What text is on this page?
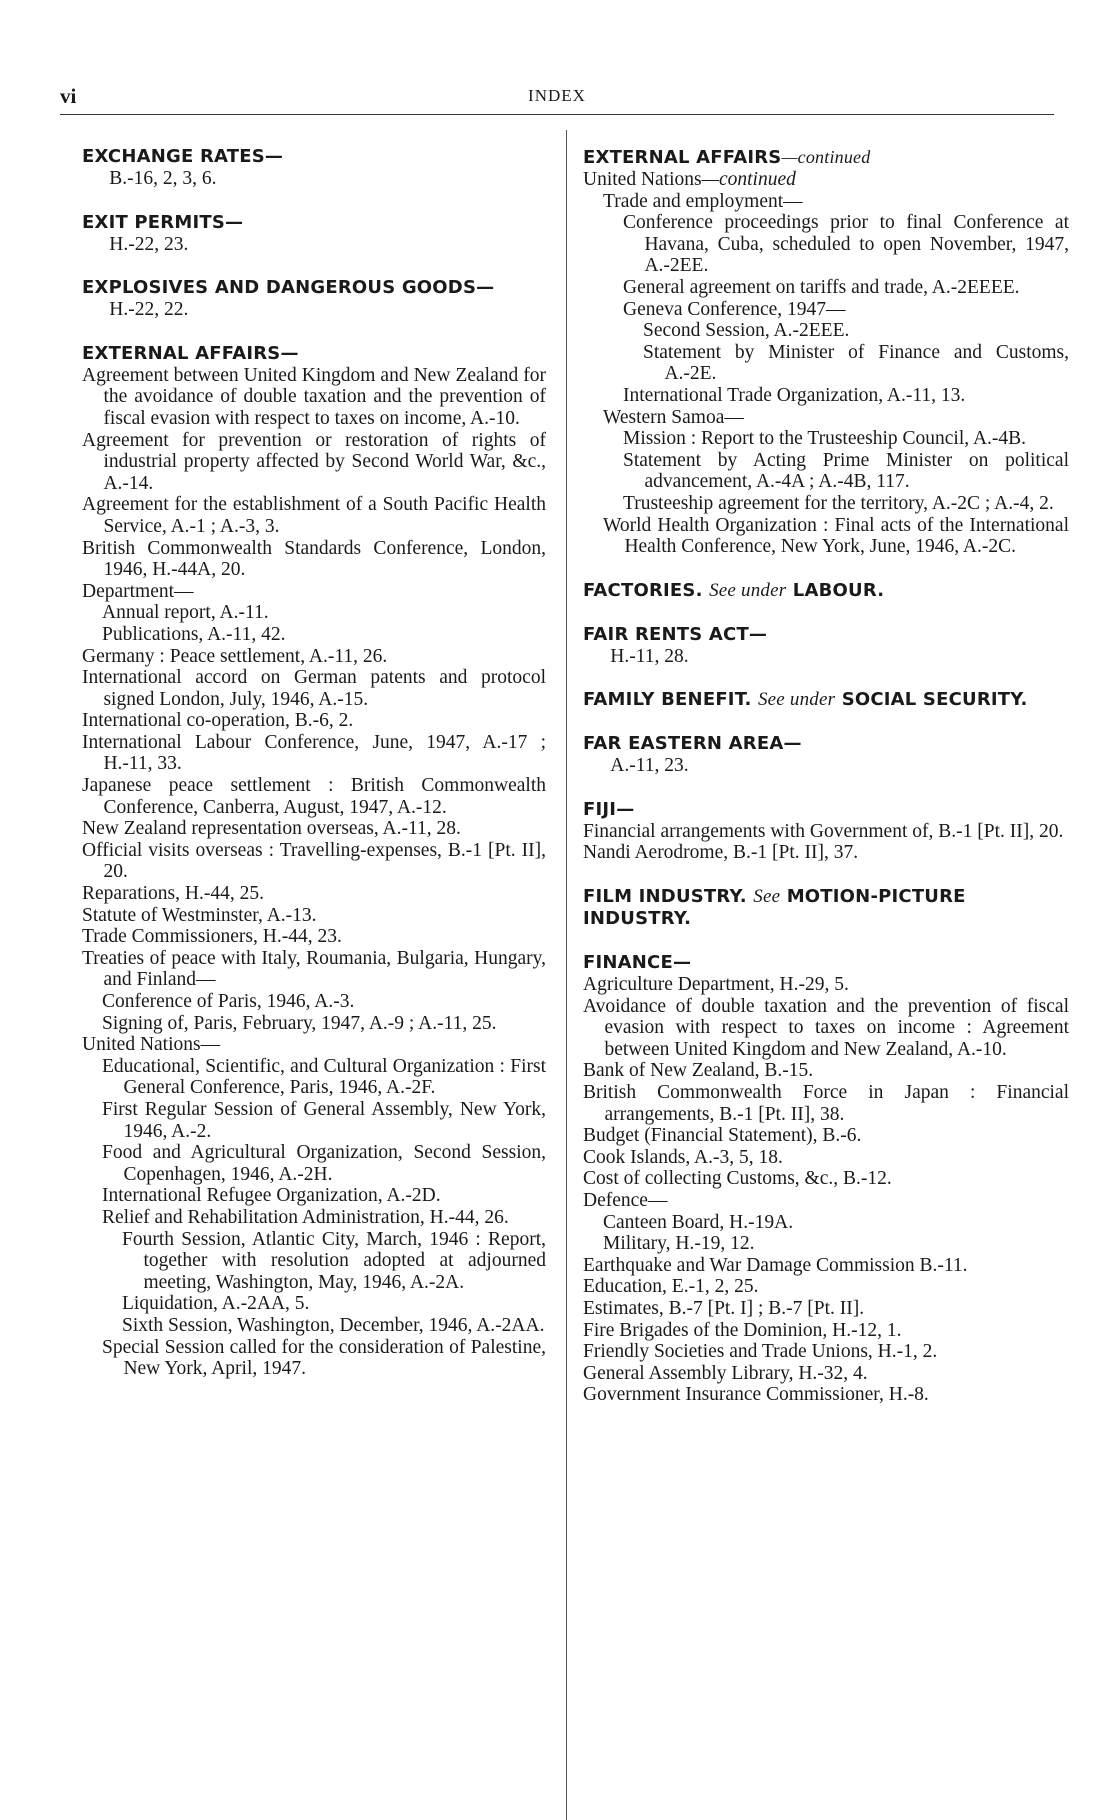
vi	INDEX
EXCHANGE RATES—
B.-16, 2, 3, 6.
EXIT PERMITS—
H.-22, 23.
EXPLOSIVES AND DANGEROUS GOODS—
H.-22, 22.
EXTERNAL AFFAIRS—
Agreement between United Kingdom and New Zealand for the avoidance of double taxation and the prevention of fiscal evasion with respect to taxes on income, A.-10.
Agreement for prevention or restoration of rights of industrial property affected by Second World War, &c., A.-14.
Agreement for the establishment of a South Pacific Health Service, A.-1 ; A.-3, 3.
British Commonwealth Standards Conference, London, 1946, H.-44A, 20.
Department—
Annual report, A.-11.
Publications, A.-11, 42.
Germany : Peace settlement, A.-11, 26.
International accord on German patents and protocol signed London, July, 1946, A.-15.
International co-operation, B.-6, 2.
International Labour Conference, June, 1947, A.-17 ; H.-11, 33.
Japanese peace settlement : British Commonwealth Conference, Canberra, August, 1947, A.-12.
New Zealand representation overseas, A.-11, 28.
Official visits overseas : Travelling-expenses, B.-1 [Pt. II], 20.
Reparations, H.-44, 25.
Statute of Westminster, A.-13.
Trade Commissioners, H.-44, 23.
Treaties of peace with Italy, Roumania, Bulgaria, Hungary, and Finland—
Conference of Paris, 1946, A.-3.
Signing of, Paris, February, 1947, A.-9 ; A.-11, 25.
United Nations—
Educational, Scientific, and Cultural Organization : First General Conference, Paris, 1946, A.-2F.
First Regular Session of General Assembly, New York, 1946, A.-2.
Food and Agricultural Organization, Second Session, Copenhagen, 1946, A.-2H.
International Refugee Organization, A.-2D.
Relief and Rehabilitation Administration, H.-44, 26.
Fourth Session, Atlantic City, March, 1946 : Report, together with resolution adopted at adjourned meeting, Washington, May, 1946, A.-2A.
Liquidation, A.-2AA, 5.
Sixth Session, Washington, December, 1946, A.-2AA.
Special Session called for the consideration of Palestine, New York, April, 1947.
EXTERNAL AFFAIRS—continued
United Nations—continued
Trade and employment—
Conference proceedings prior to final Conference at Havana, Cuba, scheduled to open November, 1947, A.-2EE.
General agreement on tariffs and trade, A.-2EEEE.
Geneva Conference, 1947—
Second Session, A.-2EEE.
Statement by Minister of Finance and Customs, A.-2E.
International Trade Organization, A.-11, 13.
Western Samoa—
Mission : Report to the Trusteeship Council, A.-4B.
Statement by Acting Prime Minister on political advancement, A.-4A ; A.-4B, 117.
Trusteeship agreement for the territory, A.-2C ; A.-4, 2.
World Health Organization : Final acts of the International Health Conference, New York, June, 1946, A.-2C.
FACTORIES. See under LABOUR.
FAIR RENTS ACT—
H.-11, 28.
FAMILY BENEFIT. See under SOCIAL SECURITY.
FAR EASTERN AREA—
A.-11, 23.
FIJI—
Financial arrangements with Government of, B.-1 [Pt. II], 20.
Nandi Aerodrome, B.-1 [Pt. II], 37.
FILM INDUSTRY. See MOTION-PICTURE INDUSTRY.
FINANCE—
Agriculture Department, H.-29, 5.
Avoidance of double taxation and the prevention of fiscal evasion with respect to taxes on income : Agreement between United Kingdom and New Zealand, A.-10.
Bank of New Zealand, B.-15.
British Commonwealth Force in Japan : Financial arrangements, B.-1 [Pt. II], 38.
Budget (Financial Statement), B.-6.
Cook Islands, A.-3, 5, 18.
Cost of collecting Customs, &c., B.-12.
Defence—
Canteen Board, H.-19A.
Military, H.-19, 12.
Earthquake and War Damage Commission B.-11.
Education, E.-1, 2, 25.
Estimates, B.-7 [Pt. I] ; B.-7 [Pt. II].
Fire Brigades of the Dominion, H.-12, 1.
Friendly Societies and Trade Unions, H.-1, 2.
General Assembly Library, H.-32, 4.
Government Insurance Commissioner, H.-8.
